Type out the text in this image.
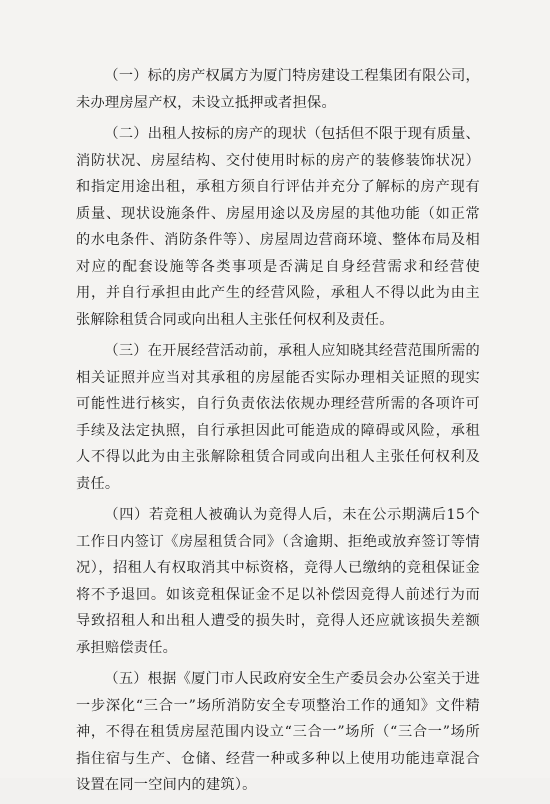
（一）标的房产权属方为厦门特房建设工程集团有限公司，未办理房屋产权，未设立抵押或者担保。

（二）出租人按标的房产的现状（包括但不限于现有质量、消防状况、房屋结构、交付使用时标的房产的装修装饰状况）和指定用途出租，承租方须自行评估并充分了解标的房产现有质量、现状设施条件、房屋用途以及房屋的其他功能（如正常的水电条件、消防条件等）、房屋周边营商环境、整体布局及相对应的配套设施等各类事项是否满足自身经营需求和经营使用，并自行承担由此产生的经营风险，承租人不得以此为由主张解除租赁合同或向出租人主张任何权利及责任。

（三）在开展经营活动前，承租人应知晓其经营范围所需的相关证照并应当对其承租的房屋能否实际办理相关证照的现实可能性进行核实，自行负责依法依规办理经营所需的各项许可手续及法定执照，自行承担因此可能造成的障碍或风险，承租人不得以此为由主张解除租赁合同或向出租人主张任何权利及责任。

（四）若竞租人被确认为竞得人后，未在公示期满后15个工作日内签订《房屋租赁合同》（含逾期、拒绝或放弃签订等情况），招租人有权取消其中标资格，竞得人已缴纳的竞租保证金将不予退回。如该竞租保证金不足以补偿因竞得人前述行为而导致招租人和出租人遭受的损失时，竞得人还应就该损失差额承担赔偿责任。

（五）根据《厦门市人民政府安全生产委员会办公室关于进一步深化“三合一”场所消防安全专项整治工作的通知》文件精神，不得在租赁房屋范围内设立“三合一”场所（“三合一”场所指住宿与生产、仓储、经营一种或多种以上使用功能违章混合设置在同一空间内的建筑）。
